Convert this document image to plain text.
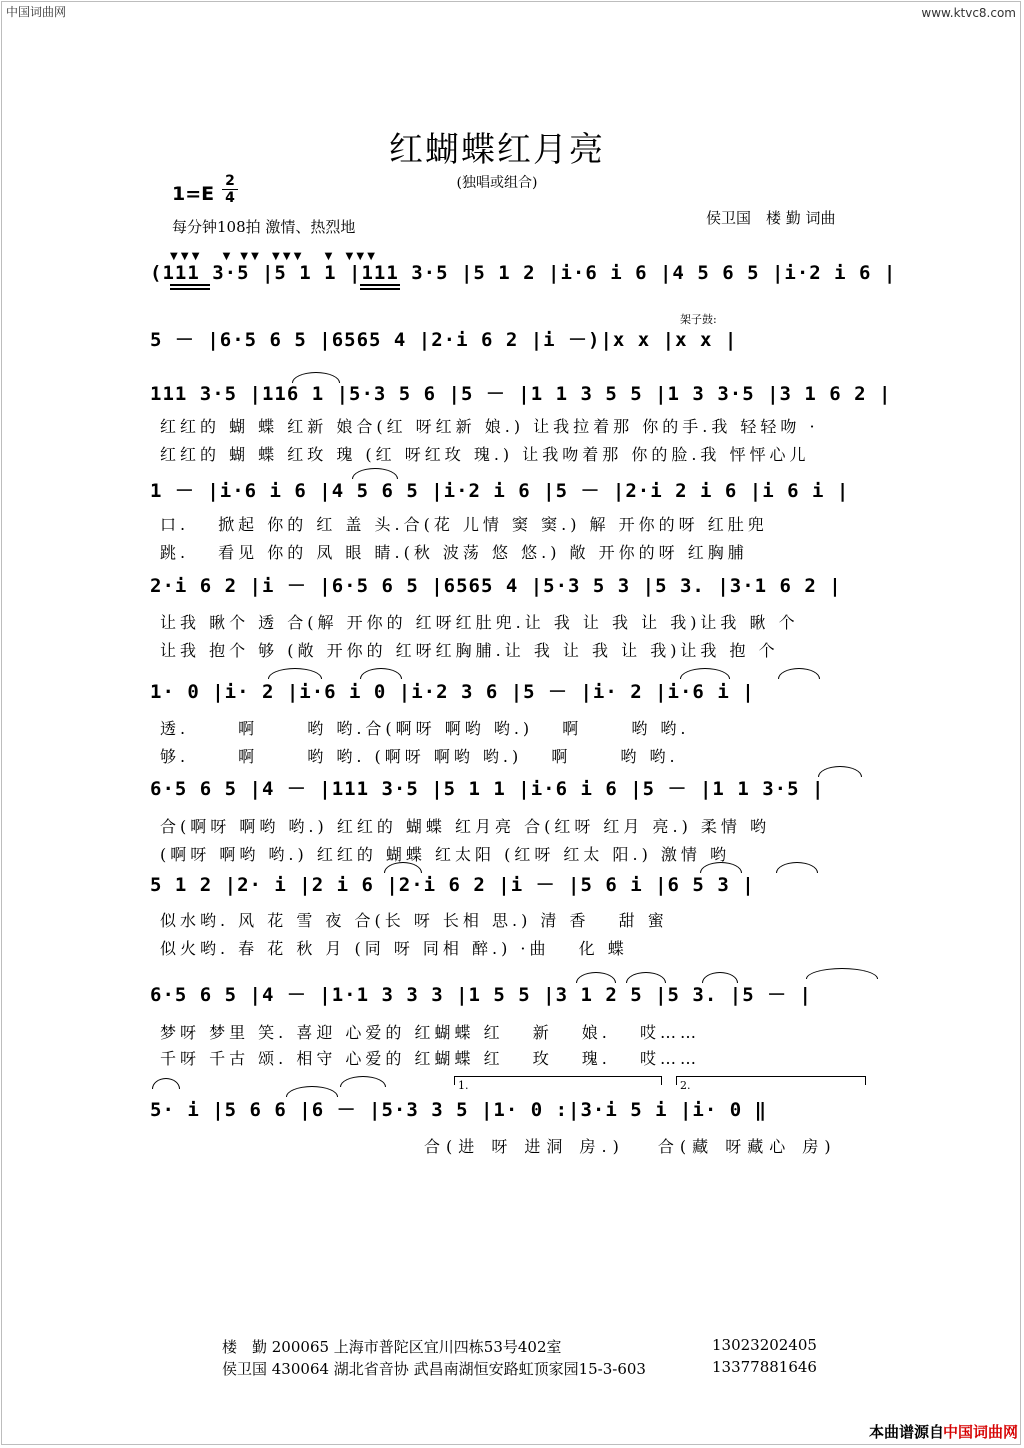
中国词曲网	www.ktvc8.com
红蝴蝶红月亮
(独唱或组合)
1=E
2
4
每分钟108拍 激情、热烈地	侯卫国　楼 勤 词曲
▼ ▼ ▼　　 ▼　▼ ▼　 ▼ ▼ ▼　　 ▼　 ▼ ▼ ▼
(111 3·5 |5 1 1 |111 3·5 |5 1 2 |i·6 i 6 |4 5 6 5 |i·2 i 6 |
架子鼓:
5 － |6·5 6 5 |6565 4 |2·i 6 2 |i －)|x x |x x |
111 3·5 |116 1 |5·3 5 6 |5 － |1 1 3 5 5 |1 3 3·5 |3 1 6 2 |
红红的 蝴 蝶 红新 娘合(红 呀红新 娘.) 让我拉着那 你的手.我 轻轻吻 ·
红红的 蝴 蝶 红玫 瑰 (红 呀红玫 瑰.) 让我吻着那 你的脸.我 怦怦心儿
1 － |i·6 i 6 |4 5 6 5 |i·2 i 6 |5 － |2·i 2 i 6 |i 6 i |
口.　 掀起 你的 红 盖 头.合(花 儿情 窦 窦.) 解 开你的呀 红肚兜
跳.　 看见 你的 凤 眼 睛.(秋 波荡 悠 悠.) 敞 开你的呀 红胸脯
2·i 6 2 |i － |6·5 6 5 |6565 4 |5·3 5 3 |5 3. |3·1 6 2 |
让我 瞅个 透 合(解 开你的 红呀红肚兜.让 我 让 我 让 我)让我 瞅 个
让我 抱个 够 (敞 开你的 红呀红胸脯.让 我 让 我 让 我)让我 抱 个
1· 0 |i· 2 |i·6 i 0 |i·2 3 6 |5 － |i· 2 |i·6 i |
透.　　 啊　　 哟 哟.合(啊呀 啊哟 哟.)　 啊　　 哟 哟.
够.　　 啊　　 哟 哟. (啊呀 啊哟 哟.)　 啊　　 哟 哟.
6·5 6 5 |4 － |111 3·5 |5 1 1 |i·6 i 6 |5 － |1 1 3·5 |
合(啊呀 啊哟 哟.) 红红的 蝴蝶 红月亮 合(红呀 红月 亮.) 柔情 哟
(啊呀 啊哟 哟.) 红红的 蝴蝶 红太阳 (红呀 红太 阳.) 激情 哟
5 1 2 |2· i |2 i 6 |2·i 6 2 |i － |5 6 i |6 5 3 |
似水哟. 风 花 雪 夜 合(长 呀 长相 思.) 清 香　 甜 蜜
似火哟. 春 花 秋 月 (同 呀 同相 醉.) ·曲　 化 蝶
6·5 6 5 |4 － |1·1 3 3 3 |1 5 5 |3 1 2 5 |5 3. |5 － |
梦呀 梦里 笑. 喜迎 心爱的 红蝴蝶 红　 新　 娘.　 哎……
千呀 千古 颂. 相守 心爱的 红蝴蝶 红　 玫　 瑰.　 哎……
1.	2.
5· i |5 6 6 |6 － |5·3 3 5 |1· 0 :|3·i 5 i |i· 0 ‖
合(进 呀 进洞 房.)　 合(藏 呀藏心 房)
楼　勤 200065 上海市普陀区宜川四栋53号402室	13023202405
侯卫国 430064 湖北省音协 武昌南湖恒安路虹顶家园15-3-603	13377881646
本曲谱源自
中国词曲网
